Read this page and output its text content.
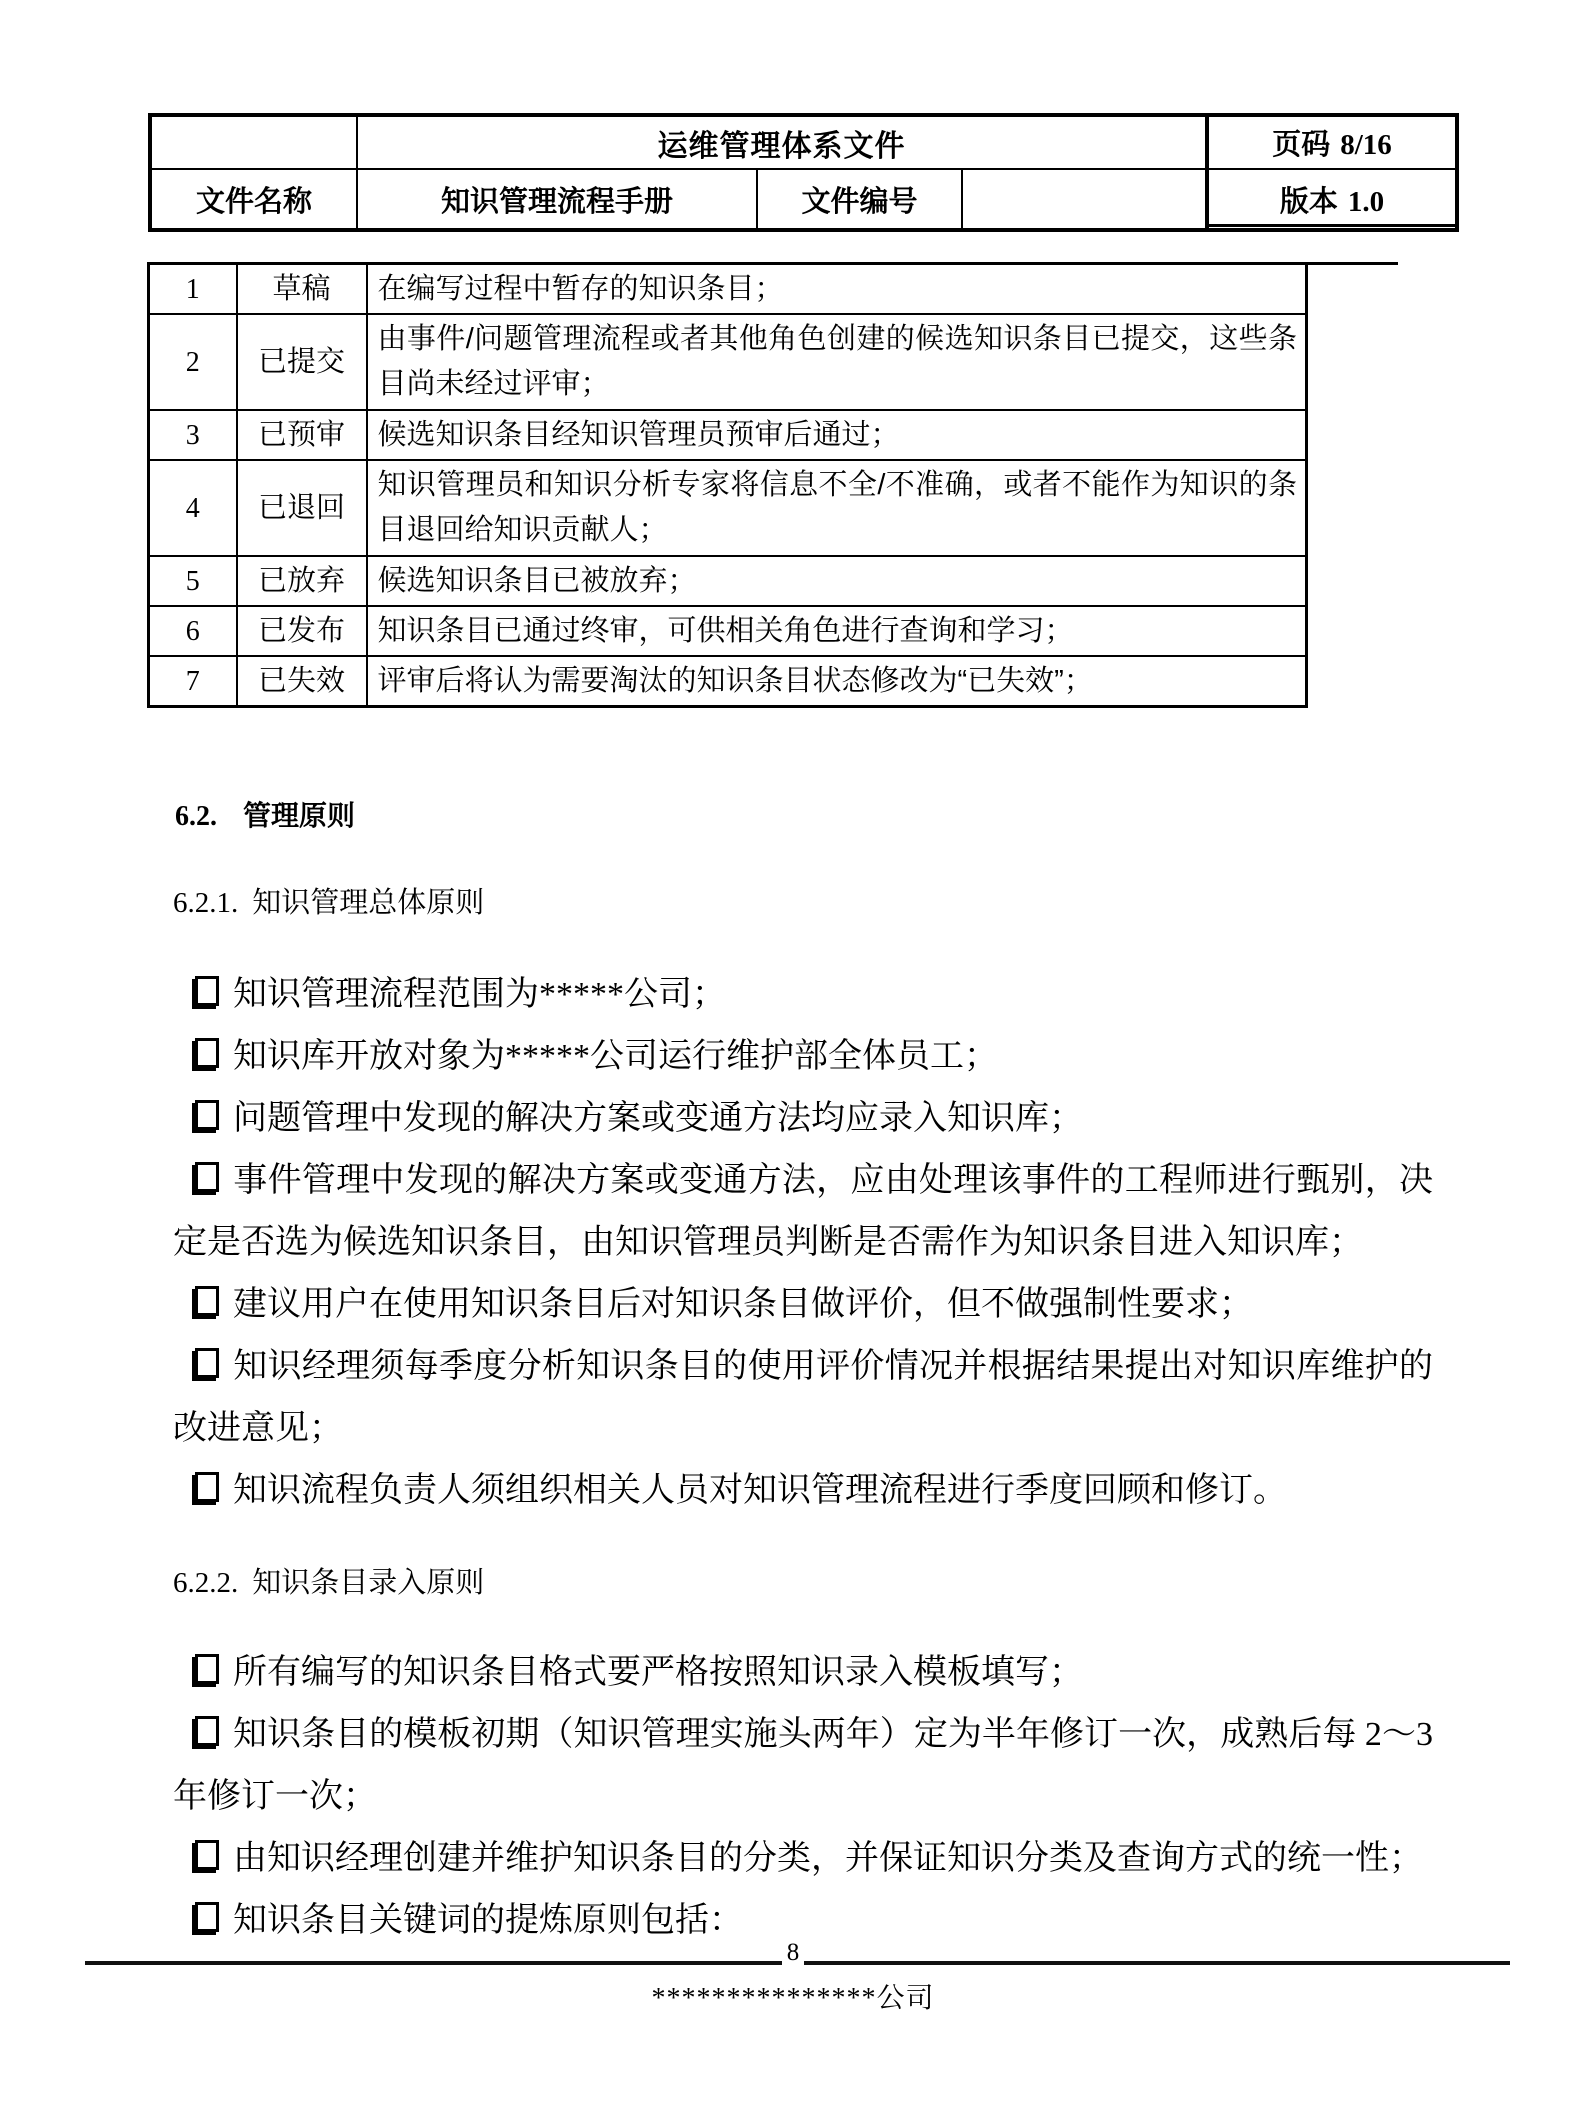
	运维管理体系文件			页码 8/16
文件名称	知识管理流程手册	文件编号		版本 1.0
1	草稿	在编写过程中暂存的知识条目；
2	已提交	由事件/问题管理流程或者其他角色创建的候选知识条目已提交，这些条目尚未经过评审；
3	已预审	候选知识条目经知识管理员预审后通过；
4	已退回	知识管理员和知识分析专家将信息不全/不准确，或者不能作为知识的条目退回给知识贡献人；
5	已放弃	候选知识条目已被放弃；
6	已发布	知识条目已通过终审，可供相关角色进行查询和学习；
7	已失效	评审后将认为需要淘汰的知识条目状态修改为“已失效”；
6.2. 管理原则
6.2.1. 知识管理总体原则

知识管理流程范围为*****公司；

知识库开放对象为*****公司运行维护部全体员工；

问题管理中发现的解决方案或变通方法均应录入知识库；

事件管理中发现的解决方案或变通方法，应由处理该事件的工程师进行甄别，决定是否选为候选知识条目，由知识管理员判断是否需作为知识条目进入知识库；

建议用户在使用知识条目后对知识条目做评价，但不做强制性要求；

知识经理须每季度分析知识条目的使用评价情况并根据结果提出对知识库维护的改进意见；

知识流程负责人须组织相关人员对知识管理流程进行季度回顾和修订。

6.2.2. 知识条目录入原则

所有编写的知识条目格式要严格按照知识录入模板填写；

知识条目的模板初期（知识管理实施头两年）定为半年修订一次，成熟后每 2～3 年修订一次；

由知识经理创建并维护知识条目的分类，并保证知识分类及查询方式的统一性；

知识条目关键词的提炼原则包括：

8
***************公司
